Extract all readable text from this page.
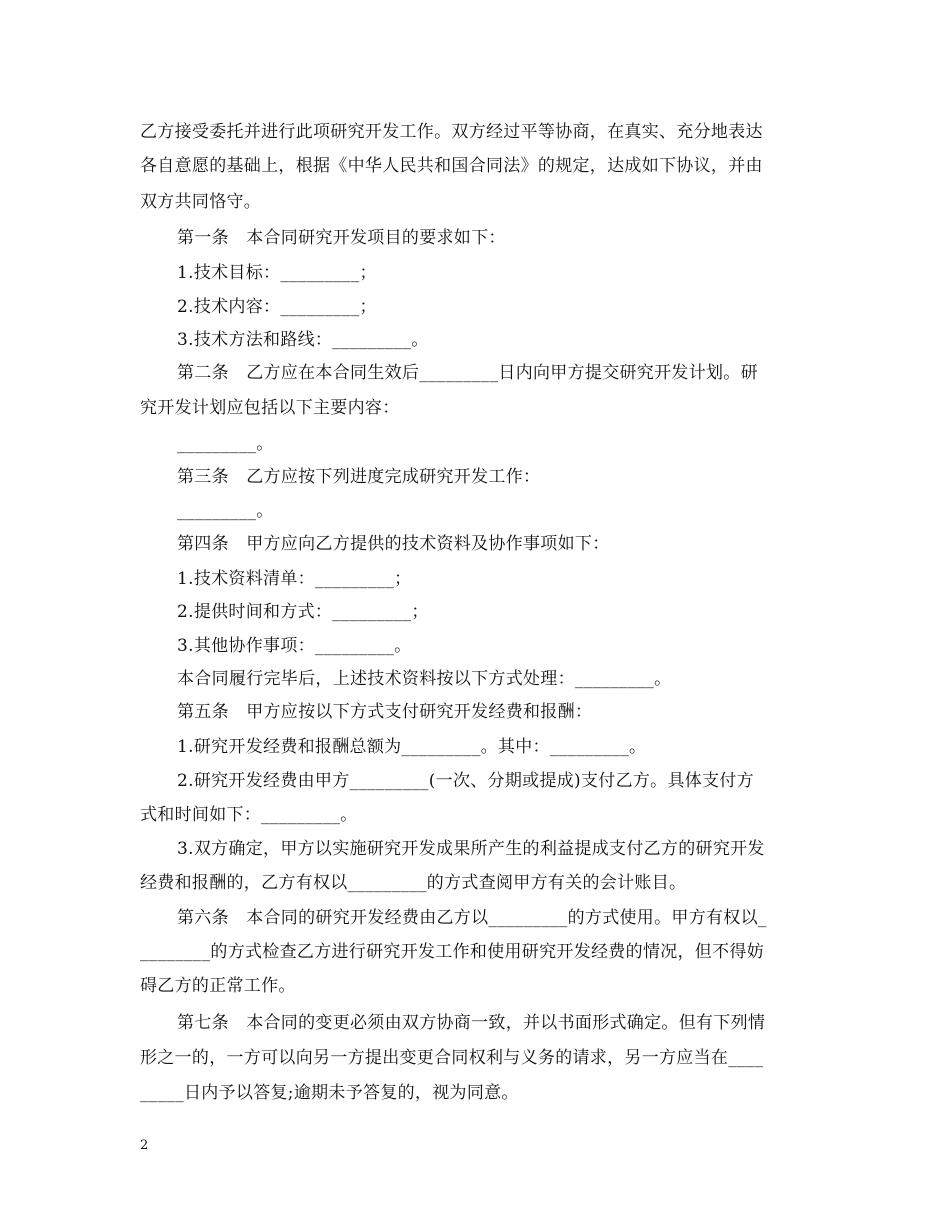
乙方接受委托并进行此项研究开发工作。双方经过平等协商，在真实、充分地表达
各自意愿的基础上，根据《中华人民共和国合同法》的规定，达成如下协议，并由
双方共同恪守。
第一条　本合同研究开发项目的要求如下：
1.技术目标：_________；
2.技术内容：_________；
3.技术方法和路线：_________。
第二条　乙方应在本合同生效后_________日内向甲方提交研究开发计划。研
究开发计划应包括以下主要内容：
_________。
第三条　乙方应按下列进度完成研究开发工作：
_________。
第四条　甲方应向乙方提供的技术资料及协作事项如下：
1.技术资料清单：_________；
2.提供时间和方式：_________；
3.其他协作事项：_________。
本合同履行完毕后，上述技术资料按以下方式处理：_________。
第五条　甲方应按以下方式支付研究开发经费和报酬：
1.研究开发经费和报酬总额为_________。其中：_________。
2.研究开发经费由甲方_________(一次、分期或提成)支付乙方。具体支付方
式和时间如下：_________。
3.双方确定，甲方以实施研究开发成果所产生的利益提成支付乙方的研究开发
经费和报酬的，乙方有权以_________的方式查阅甲方有关的会计账目。
第六条　本合同的研究开发经费由乙方以_________的方式使用。甲方有权以_
________的方式检查乙方进行研究开发工作和使用研究开发经费的情况，但不得妨
碍乙方的正常工作。
第七条　本合同的变更必须由双方协商一致，并以书面形式确定。但有下列情
形之一的，一方可以向另一方提出变更合同权利与义务的请求，另一方应当在____
_____日内予以答复;逾期未予答复的，视为同意。
2
